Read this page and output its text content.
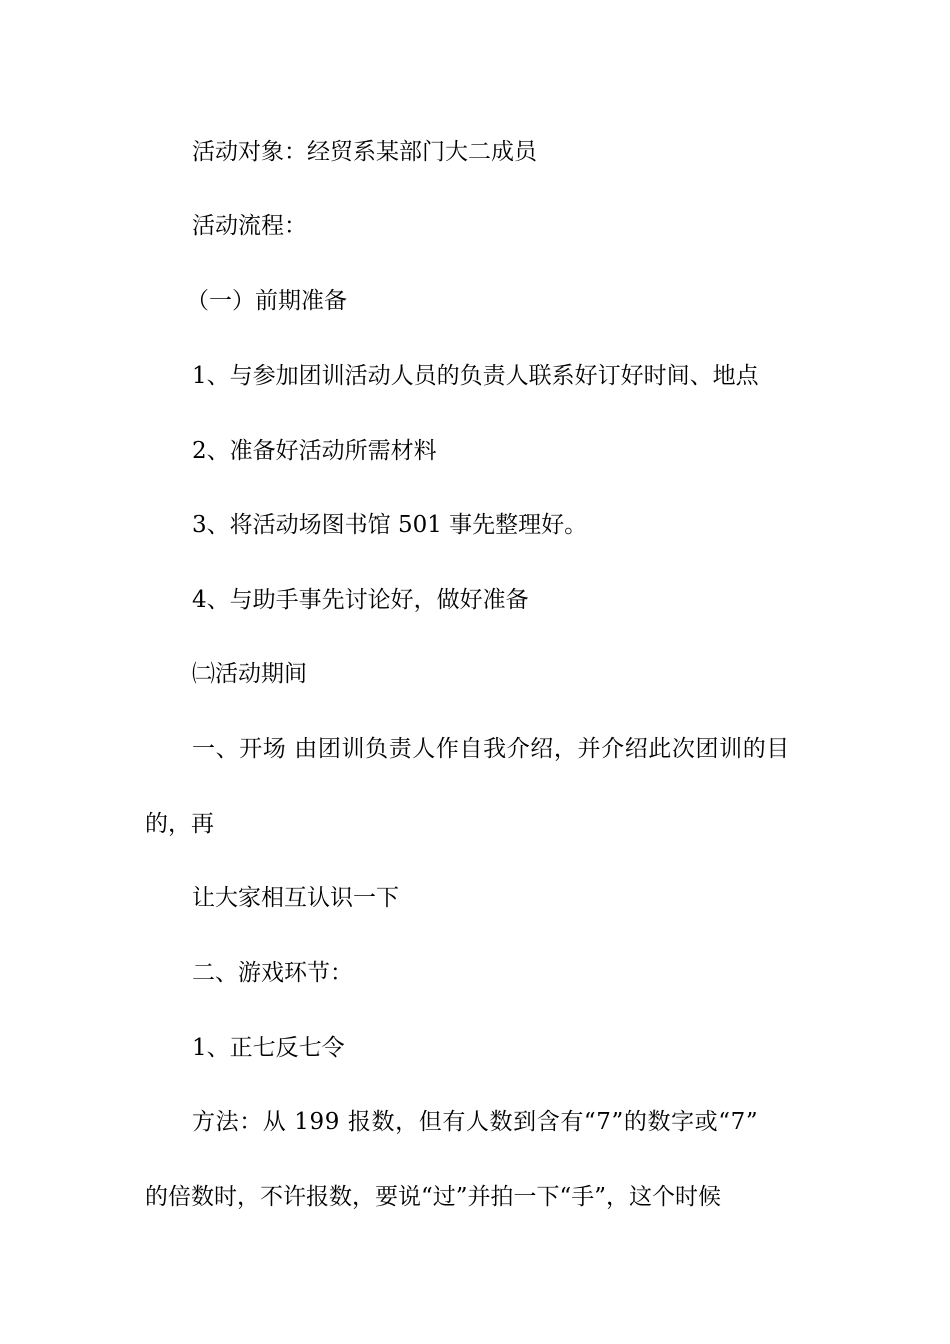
活动对象：经贸系某部门大二成员
活动流程：
（一）前期准备
1、与参加团训活动人员的负责人联系好订好时间、地点
2、准备好活动所需材料
3、将活动场图书馆 501 事先整理好。
4、与助手事先讨论好，做好准备
㈡活动期间
一、开场 由团训负责人作自我介绍，并介绍此次团训的目
的，再
让大家相互认识一下
二、游戏环节：
1、正七反七令
方法：从 199 报数，但有人数到含有“7”的数字或“7”
的倍数时，不许报数，要说“过”并拍一下“手”，这个时候
